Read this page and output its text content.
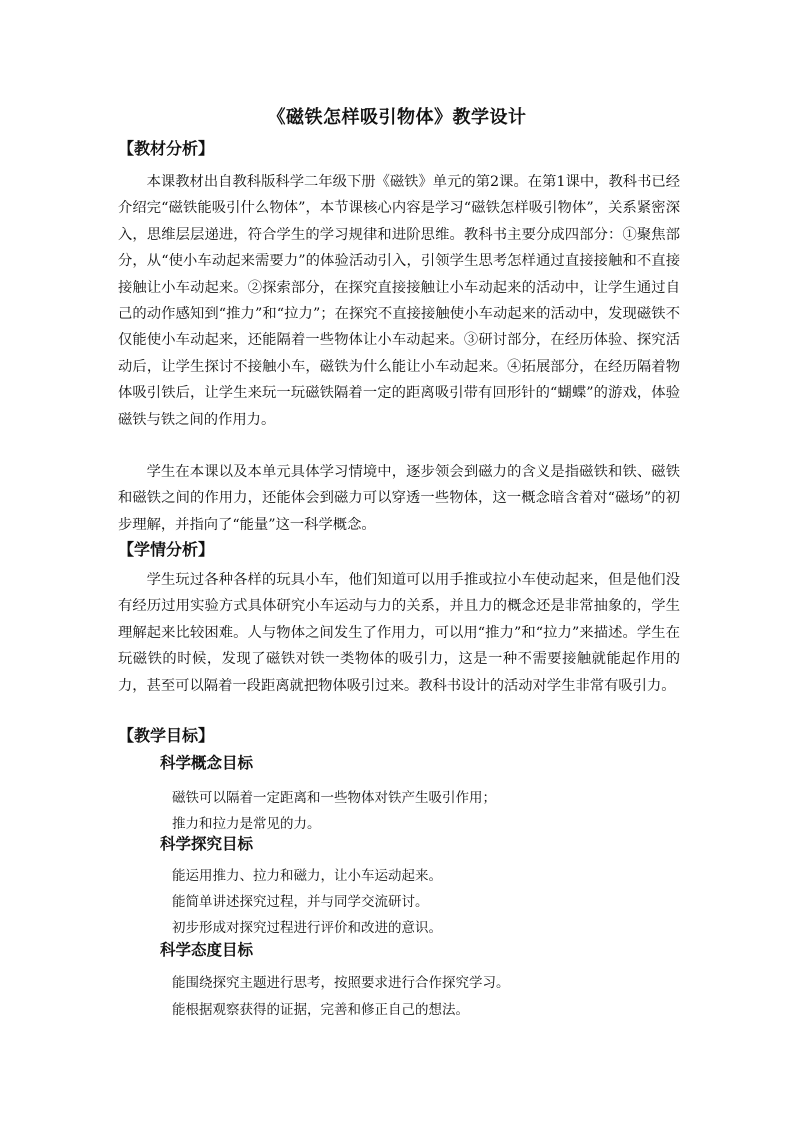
《磁铁怎样吸引物体》教学设计
【教材分析】

本课教材出自教科版科学二年级下册《磁铁》单元的第2课。在第1课中，教科书已经介绍完“磁铁能吸引什么物体”，本节课核心内容是学习“磁铁怎样吸引物体”，关系紧密深入，思维层层递进，符合学生的学习规律和进阶思维。教科书主要分成四部分：①聚焦部分，从“使小车动起来需要力”的体验活动引入，引领学生思考怎样通过直接接触和不直接接触让小车动起来。②探索部分，在探究直接接触让小车动起来的活动中，让学生通过自己的动作感知到“推力”和“拉力”；在探究不直接接触使小车动起来的活动中，发现磁铁不仅能使小车动起来，还能隔着一些物体让小车动起来。③研讨部分，在经历体验、探究活动后，让学生探讨不接触小车，磁铁为什么能让小车动起来。④拓展部分，在经历隔着物体吸引铁后，让学生来玩一玩磁铁隔着一定的距离吸引带有回形针的“蝴蝶”的游戏，体验磁铁与铁之间的作用力。

学生在本课以及本单元具体学习情境中，逐步领会到磁力的含义是指磁铁和铁、磁铁和磁铁之间的作用力，还能体会到磁力可以穿透一些物体，这一概念暗含着对“磁场”的初步理解，并指向了“能量”这一科学概念。

【学情分析】

学生玩过各种各样的玩具小车，他们知道可以用手推或拉小车使动起来，但是他们没有经历过用实验方式具体研究小车运动与力的关系，并且力的概念还是非常抽象的，学生理解起来比较困难。人与物体之间发生了作用力，可以用“推力”和“拉力”来描述。学生在玩磁铁的时候，发现了磁铁对铁一类物体的吸引力，这是一种不需要接触就能起作用的力，甚至可以隔着一段距离就把物体吸引过来。教科书设计的活动对学生非常有吸引力。

【教学目标】
科学概念目标
磁铁可以隔着一定距离和一些物体对铁产生吸引作用；
推力和拉力是常见的力。
科学探究目标
能运用推力、拉力和磁力，让小车运动起来。
能简单讲述探究过程，并与同学交流研讨。
初步形成对探究过程进行评价和改进的意识。
科学态度目标
能围绕探究主题进行思考，按照要求进行合作探究学习。
能根据观察获得的证据，完善和修正自己的想法。
